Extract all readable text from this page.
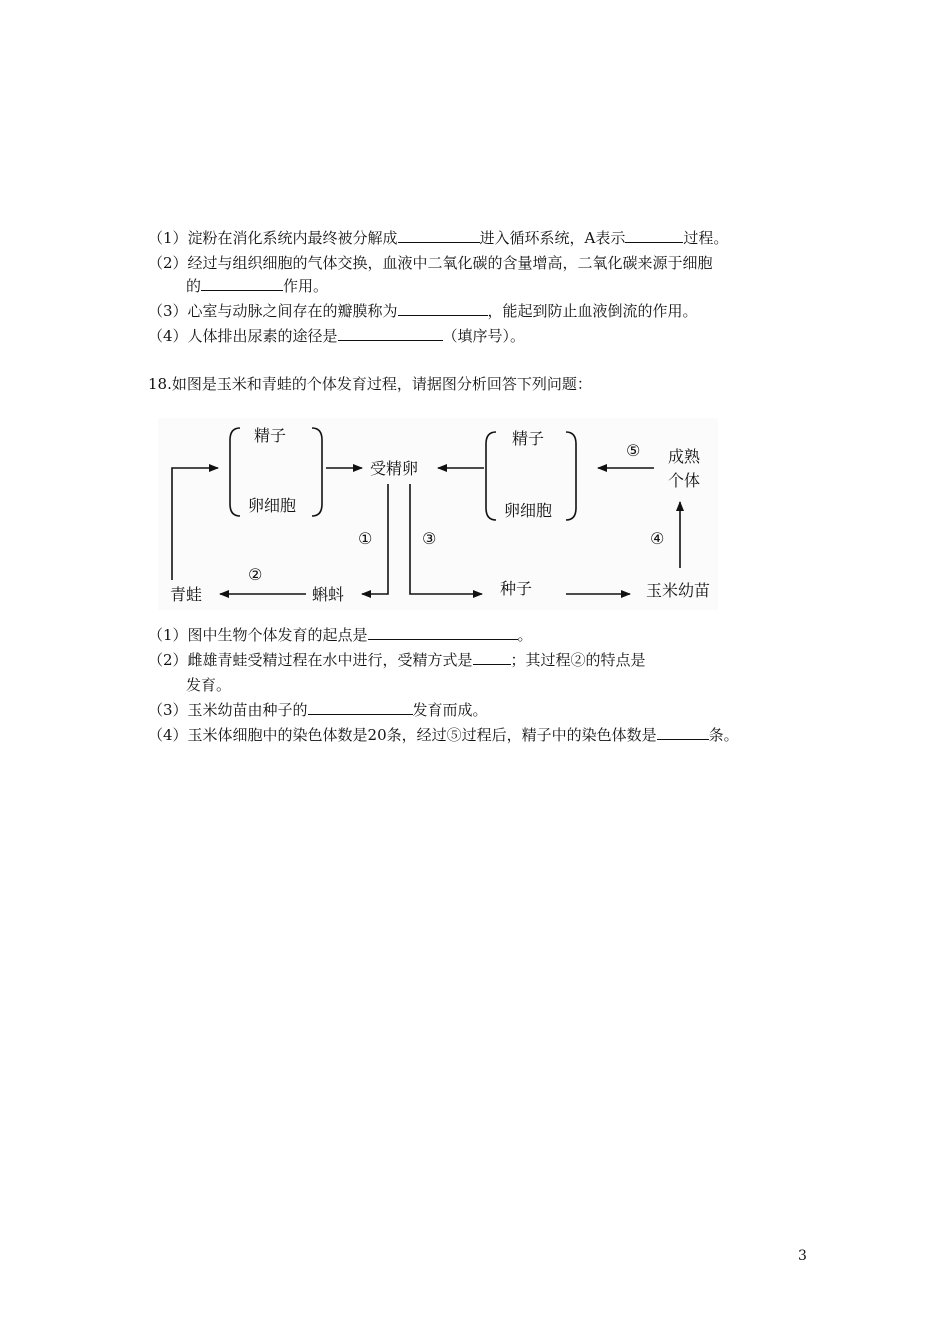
（1）淀粉在消化系统内最终被分解成	进入循环系统，A表示	过程。
（2）经过与组织细胞的气体交换，血液中二氧化碳的含量增高，二氧化碳来源于细胞
的	作用。
（3）心室与动脉之间存在的瓣膜称为	，能起到防止血液倒流的作用。
（4）人体排出尿素的途径是	（填序号）。
18.如图是玉米和青蛙的个体发育过程，请据图分析回答下列问题：
精子
卵细胞
受精卵
精子
卵细胞
成熟
个体
青蛙	蝌蚪	种子	玉米幼苗
①
②
③	④
⑤
（1）图中生物个体发育的起点是	。
（2）雌雄青蛙受精过程在水中进行，受精方式是	；其过程②的特点是
发育。
（3）玉米幼苗由种子的	发育而成。
（4）玉米体细胞中的染色体数是20条，经过⑤过程后，精子中的染色体数是	条。
3
